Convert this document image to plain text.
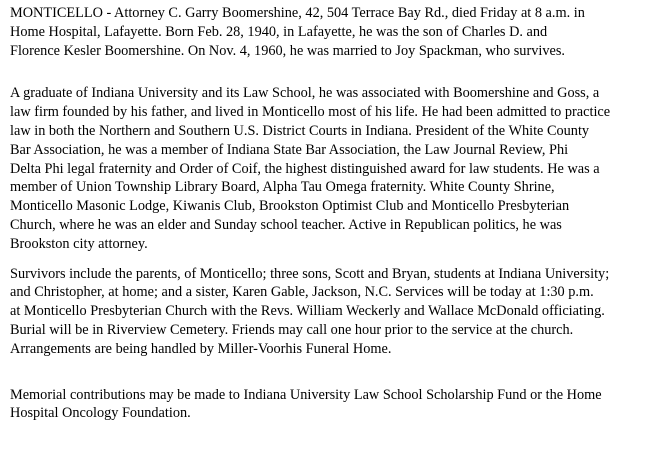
MONTICELLO - Attorney C. Garry Boomershine, 42, 504 Terrace Bay Rd., died Friday at 8 a.m. in
Home Hospital, Lafayette. Born Feb. 28, 1940, in Lafayette, he was the son of Charles D. and
Florence Kesler Boomershine. On Nov. 4, 1960, he was married to Joy Spackman, who survives.

A graduate of Indiana University and its Law School, he was associated with Boomershine and Goss, a
law firm founded by his father, and lived in Monticello most of his life. He had been admitted to practice
law in both the Northern and Southern U.S. District Courts in Indiana. President of the White County
Bar Association, he was a member of Indiana State Bar Association, the Law Journal Review, Phi
Delta Phi legal fraternity and Order of Coif, the highest distinguished award for law students. He was a
member of Union Township Library Board, Alpha Tau Omega fraternity. White County Shrine,
Monticello Masonic Lodge, Kiwanis Club, Brookston Optimist Club and Monticello Presbyterian
Church, where he was an elder and Sunday school teacher. Active in Republican politics, he was
Brookston city attorney.

Survivors include the parents, of Monticello; three sons, Scott and Bryan, students at Indiana University;
and Christopher, at home; and a sister, Karen Gable, Jackson, N.C. Services will be today at 1:30 p.m.
at Monticello Presbyterian Church with the Revs. William Weckerly and Wallace McDonald officiating.
Burial will be in Riverview Cemetery. Friends may call one hour prior to the service at the church.
Arrangements are being handled by Miller-Voorhis Funeral Home.

Memorial contributions may be made to Indiana University Law School Scholarship Fund or the Home
Hospital Oncology Foundation.
